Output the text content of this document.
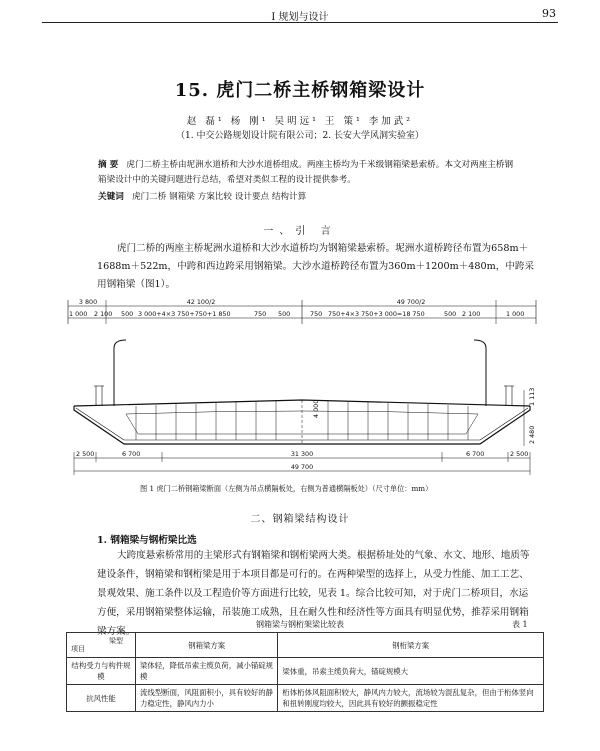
Ⅰ 规划与设计	93
15. 虎门二桥主桥钢箱梁设计
赵 磊¹ 杨 刚¹ 吴明远¹ 王 策¹ 李加武²
（1. 中交公路规划设计院有限公司；2. 长安大学风洞实验室）
摘 要 虎门二桥主桥由坭洲水道桥和大沙水道桥组成。两座主桥均为千米级钢箱梁悬索桥。本文对两座主桥钢箱梁设计中的关键问题进行总结，希望对类似工程的设计提供参考。
关键词 虎门二桥 钢箱梁 方案比较 设计要点 结构计算
一、引 言
虎门二桥的两座主桥坭洲水道桥和大沙水道桥均为钢箱梁悬索桥。坭洲水道桥跨径布置为658m＋1688m＋522m，中跨和西边跨采用钢箱梁。大沙水道桥跨径布置为360m＋1200m＋480m，中跨采用钢箱梁（图1）。
3 800	42 100/2	49 700/2
1 000 2 100 500 3 000+4×3 750+750+1 850	750 500	750 750+4×3 750+3 000=18 750	500 2 100	1 000
4 000
2 480
1 113
2 500	6 700	31 300	6 700	2 500
49 700
图 1 虎门二桥钢箱梁断面（左侧为吊点横隔板处，右侧为普通横隔板处）（尺寸单位：mm）
二、钢箱梁结构设计
1. 钢箱梁与钢桁梁比选
大跨度悬索桥常用的主梁形式有钢箱梁和钢桁梁两大类。根据桥址处的气象、水文、地形、地质等建设条件，钢箱梁和钢桁梁是用于本项目都是可行的。在两种梁型的选择上，从受力性能、加工工艺、景观效果、施工条件以及工程造价等方面进行比较，见表 1。综合比较可知，对于虎门二桥项目，水运方便，采用钢箱梁整体运输，吊装施工成熟，且在耐久性和经济性等方面具有明显优势，推荐采用钢箱梁方案。
钢箱梁与钢桁架梁比较表	表 1
梁型
项目	钢箱梁方案	钢桁梁方案
结构受力与构件规模	梁体轻，降低吊索主缆负荷，减小锚碇规模	梁体重，吊索主缆负荷大，锚碇规模大
抗风性能	流线型断面，风阻面积小，具有较好的静力稳定性，静风内力小	桁体桁体风阻面积较大，静风内力较大，流场较为混乱复杂，但由于桁体竖向和扭转刚度均较大，因此具有较好的颤振稳定性
